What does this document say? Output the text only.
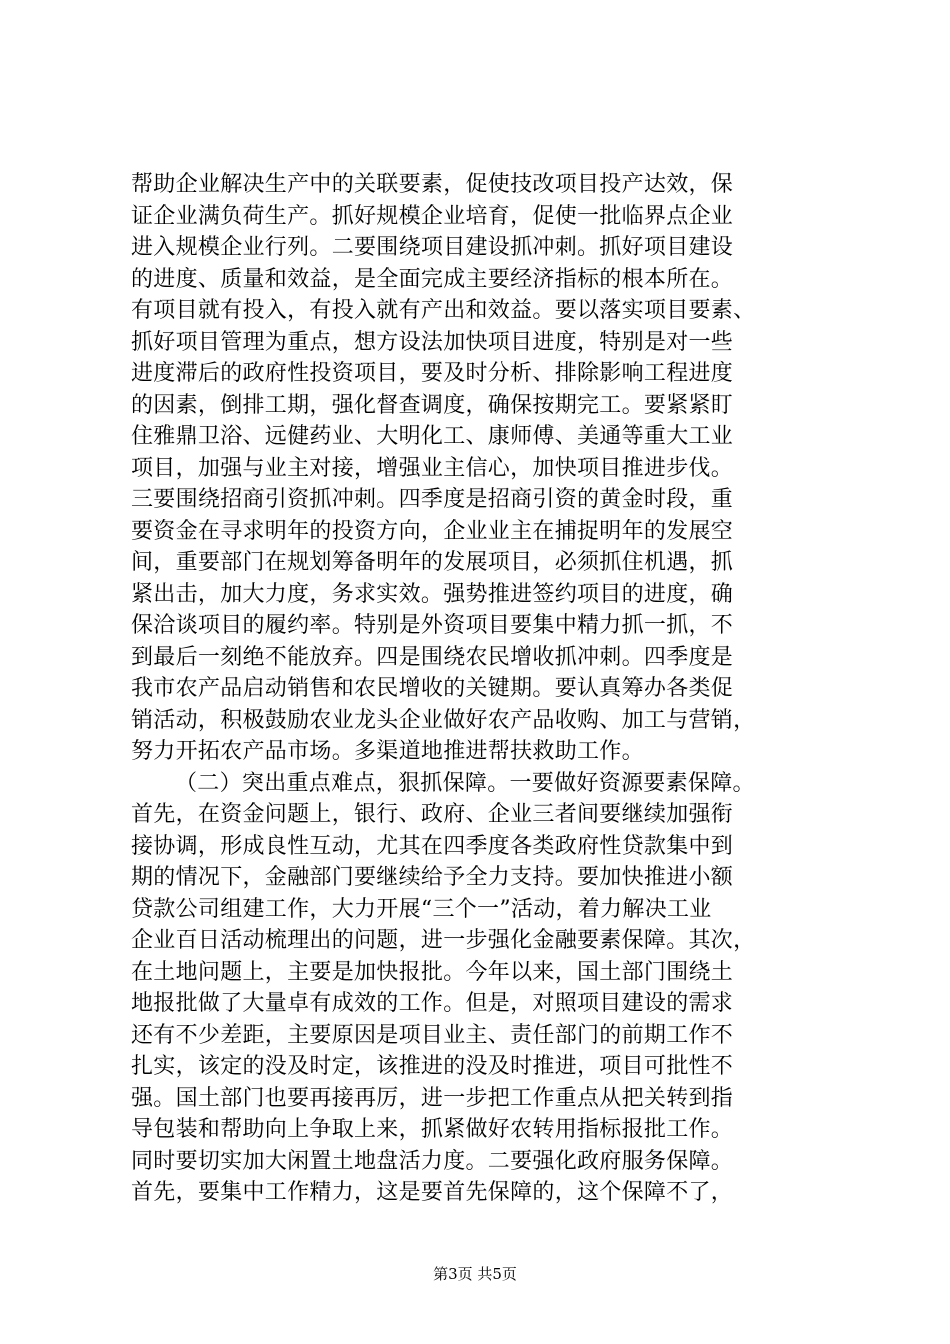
帮助企业解决生产中的关联要素，促使技改项目投产达效，保
证企业满负荷生产。抓好规模企业培育，促使一批临界点企业
进入规模企业行列。二要围绕项目建设抓冲刺。抓好项目建设
的进度、质量和效益，是全面完成主要经济指标的根本所在。
有项目就有投入，有投入就有产出和效益。要以落实项目要素、
抓好项目管理为重点，想方设法加快项目进度，特别是对一些
进度滞后的政府性投资项目，要及时分析、排除影响工程进度
的因素，倒排工期，强化督查调度，确保按期完工。要紧紧盯
住雅鼎卫浴、远健药业、大明化工、康师傅、美通等重大工业
项目，加强与业主对接，增强业主信心，加快项目推进步伐。
三要围绕招商引资抓冲刺。四季度是招商引资的黄金时段，重
要资金在寻求明年的投资方向，企业业主在捕捉明年的发展空
间，重要部门在规划筹备明年的发展项目，必须抓住机遇，抓
紧出击，加大力度，务求实效。强势推进签约项目的进度，确
保洽谈项目的履约率。特别是外资项目要集中精力抓一抓，不
到最后一刻绝不能放弃。四是围绕农民增收抓冲刺。四季度是
我市农产品启动销售和农民增收的关键期。要认真筹办各类促
销活动，积极鼓励农业龙头企业做好农产品收购、加工与营销，
努力开拓农产品市场。多渠道地推进帮扶救助工作。
（二）突出重点难点，狠抓保障。一要做好资源要素保障。
首先，在资金问题上，银行、政府、企业三者间要继续加强衔
接协调，形成良性互动，尤其在四季度各类政府性贷款集中到
期的情况下，金融部门要继续给予全力支持。要加快推进小额
贷款公司组建工作，大力开展“三个一”活动，着力解决工业
企业百日活动梳理出的问题，进一步强化金融要素保障。其次，
在土地问题上，主要是加快报批。今年以来，国土部门围绕土
地报批做了大量卓有成效的工作。但是，对照项目建设的需求
还有不少差距，主要原因是项目业主、责任部门的前期工作不
扎实，该定的没及时定，该推进的没及时推进，项目可批性不
强。国土部门也要再接再厉，进一步把工作重点从把关转到指
导包装和帮助向上争取上来，抓紧做好农转用指标报批工作。
同时要切实加大闲置土地盘活力度。二要强化政府服务保障。
首先，要集中工作精力，这是要首先保障的，这个保障不了，
第3页 共5页
